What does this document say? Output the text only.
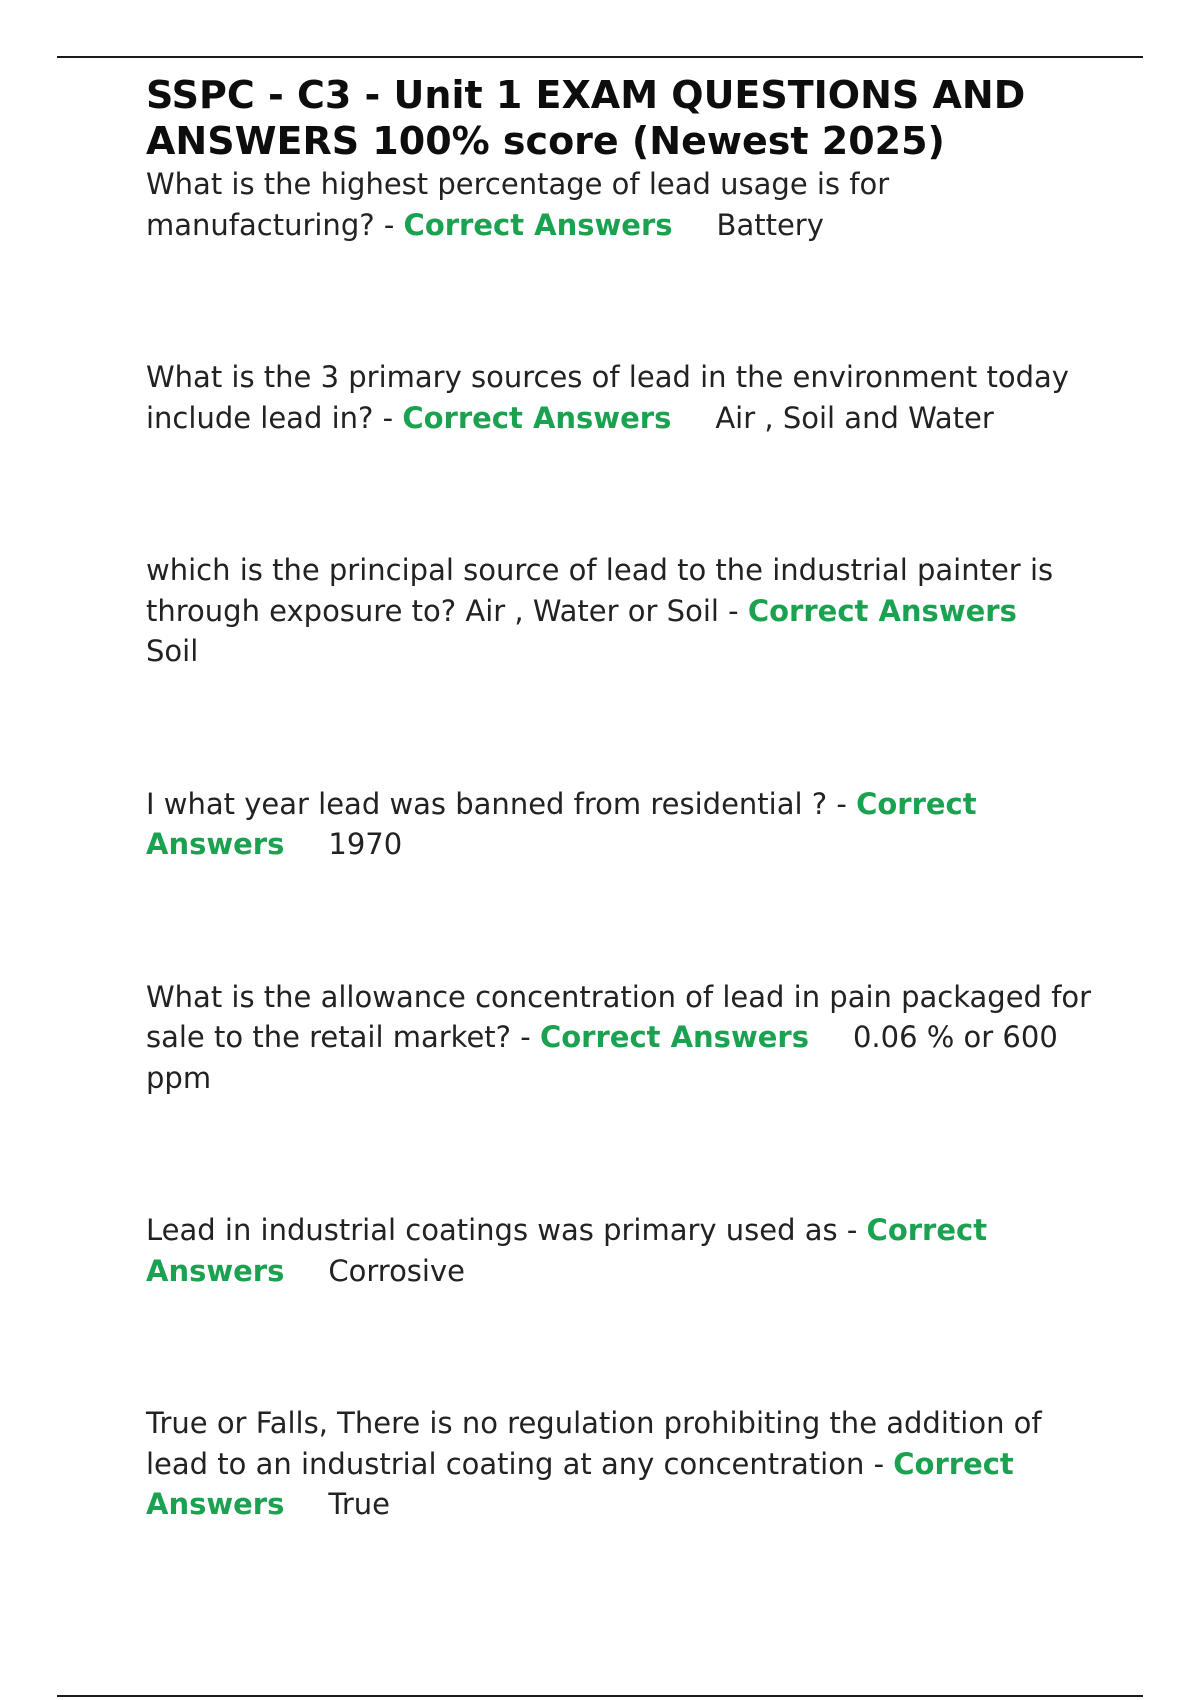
SSPC - C3 - Unit 1 EXAM QUESTIONS AND ANSWERS 100% score (Newest 2025)

What is the highest percentage of lead usage is for manufacturing? - Correct Answers Battery

What is the 3 primary sources of lead in the environment today include lead in? - Correct Answers Air , Soil and Water

which is the principal source of lead to the industrial painter is through exposure to? Air , Water or Soil - Correct AnswersSoil

I what year lead was banned from residential ? - Correct Answers 1970

What is the allowance concentration of lead in pain packaged for sale to the retail market? - Correct Answers 0.06 % or 600 ppm

Lead in industrial coatings was primary used as - Correct Answers Corrosive

True or Falls, There is no regulation prohibiting the addition of lead to an industrial coating at any concentration - Correct Answers True
